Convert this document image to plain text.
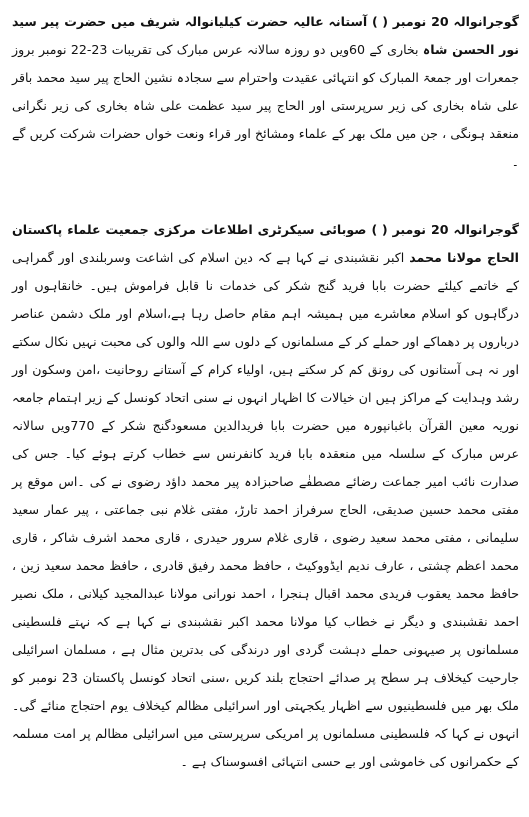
گوجرانوالہ 20 نومبر ( ) آستانہ عالیہ حضرت کیلیانوالہ شریف میں حضرت پیر سید نور الحسن شاہ بخاری کے 60ویں دو روزہ سالانہ عرس مبارک کی تقریبات 23-22 نومبر بروز جمعرات اور جمعۃ المبارک کو انتہائی عقیدت واحترام سے سجادہ نشین الحاج پیر سید محمد باقر علی شاہ بخاری کی زیر سرپرستی اور الحاج پیر سید عظمت علی شاہ بخاری کی زیر نگرانی منعقد ہونگی ، جن میں ملک بھر کے علماء ومشائخ اور قراء ونعت خواں حضرات شرکت کریں گے ۔

گوجرانوالہ 20 نومبر ( ) صوبائی سیکرٹری اطلاعات مرکزی جمعیت علماء پاکستان الحاج مولانا محمد اکبر نقشبندی نے کہا ہے کہ دین اسلام کی اشاعت وسربلندی اور گمراہی کے خاتمے کیلئے حضرت بابا فرید گنج شکر کی خدمات نا قابل فراموش ہیں۔ خانقاہوں اور درگاہوں کو اسلام معاشرے میں ہمیشہ اہم مقام حاصل رہا ہے،اسلام اور ملک دشمن عناصر درباروں پر دھماکے اور حملے کر کے مسلمانوں کے دلوں سے اللہ والوں کی محبت نہیں نکال سکتے اور نہ ہی آستانوں کی رونق کم کر سکتے ہیں، اولیاء کرام کے آستانے روحانیت ،امن وسکون اور رشد وہدایت کے مراکز ہیں ان خیالات کا اظہار انہوں نے سنی اتحاد کونسل کے زیر اہتمام جامعہ نوریہ معین القرآن باغبانپورہ میں حضرت بابا فریدالدین مسعودگنج شکر کے 770ویں سالانہ عرس مبارک کے سلسلہ میں منعقدہ بابا فرید کانفرنس سے خطاب کرتے ہوئے کیا۔ جس کی صدارت نائب امیر جماعت رضائے مصطفٰے صاحبزادہ پیر محمد داؤد رضوی نے کی ۔اس موقع پر مفتی محمد حسین صدیقی، الحاج سرفراز احمد تارڑ، مفتی غلام نبی جماعتی ، پیر عمار سعید سلیمانی ، مفتی محمد سعید رضوی ، قاری غلام سرور حیدری ، قاری محمد اشرف شاکر ، قاری محمد اعظم چشتی ، عارف ندیم ایڈووکیٹ ، حافظ محمد رفیق قادری ، حافظ محمد سعید زین ، حافظ محمد یعقوب فریدی محمد اقبال ہنجرا ، احمد نورانی مولانا عبدالمجید کیلانی ، ملک نصیر احمد نقشبندی و دیگر نے خطاب کیا مولانا محمد اکبر نقشبندی نے کہا ہے کہ نہتے فلسطینی مسلمانوں پر صیہونی حملے دہشت گردی اور درندگی کی بدترین مثال ہے ، مسلمان اسرائیلی جارحیت کیخلاف ہر سطح پر صدائے احتجاج بلند کریں ،سنی اتحاد کونسل پاکستان 23 نومبر کو ملک بھر میں فلسطینیوں سے اظہار یکجہتی اور اسرائیلی مظالم کیخلاف یوم احتجاج منائے گی۔ انہوں نے کہا کہ فلسطینی مسلمانوں پر امریکی سرپرستی میں اسرائیلی مظالم پر امت مسلمہ کے حکمرانوں کی خاموشی اور بے حسی انتہائی افسوسناک ہے ۔
